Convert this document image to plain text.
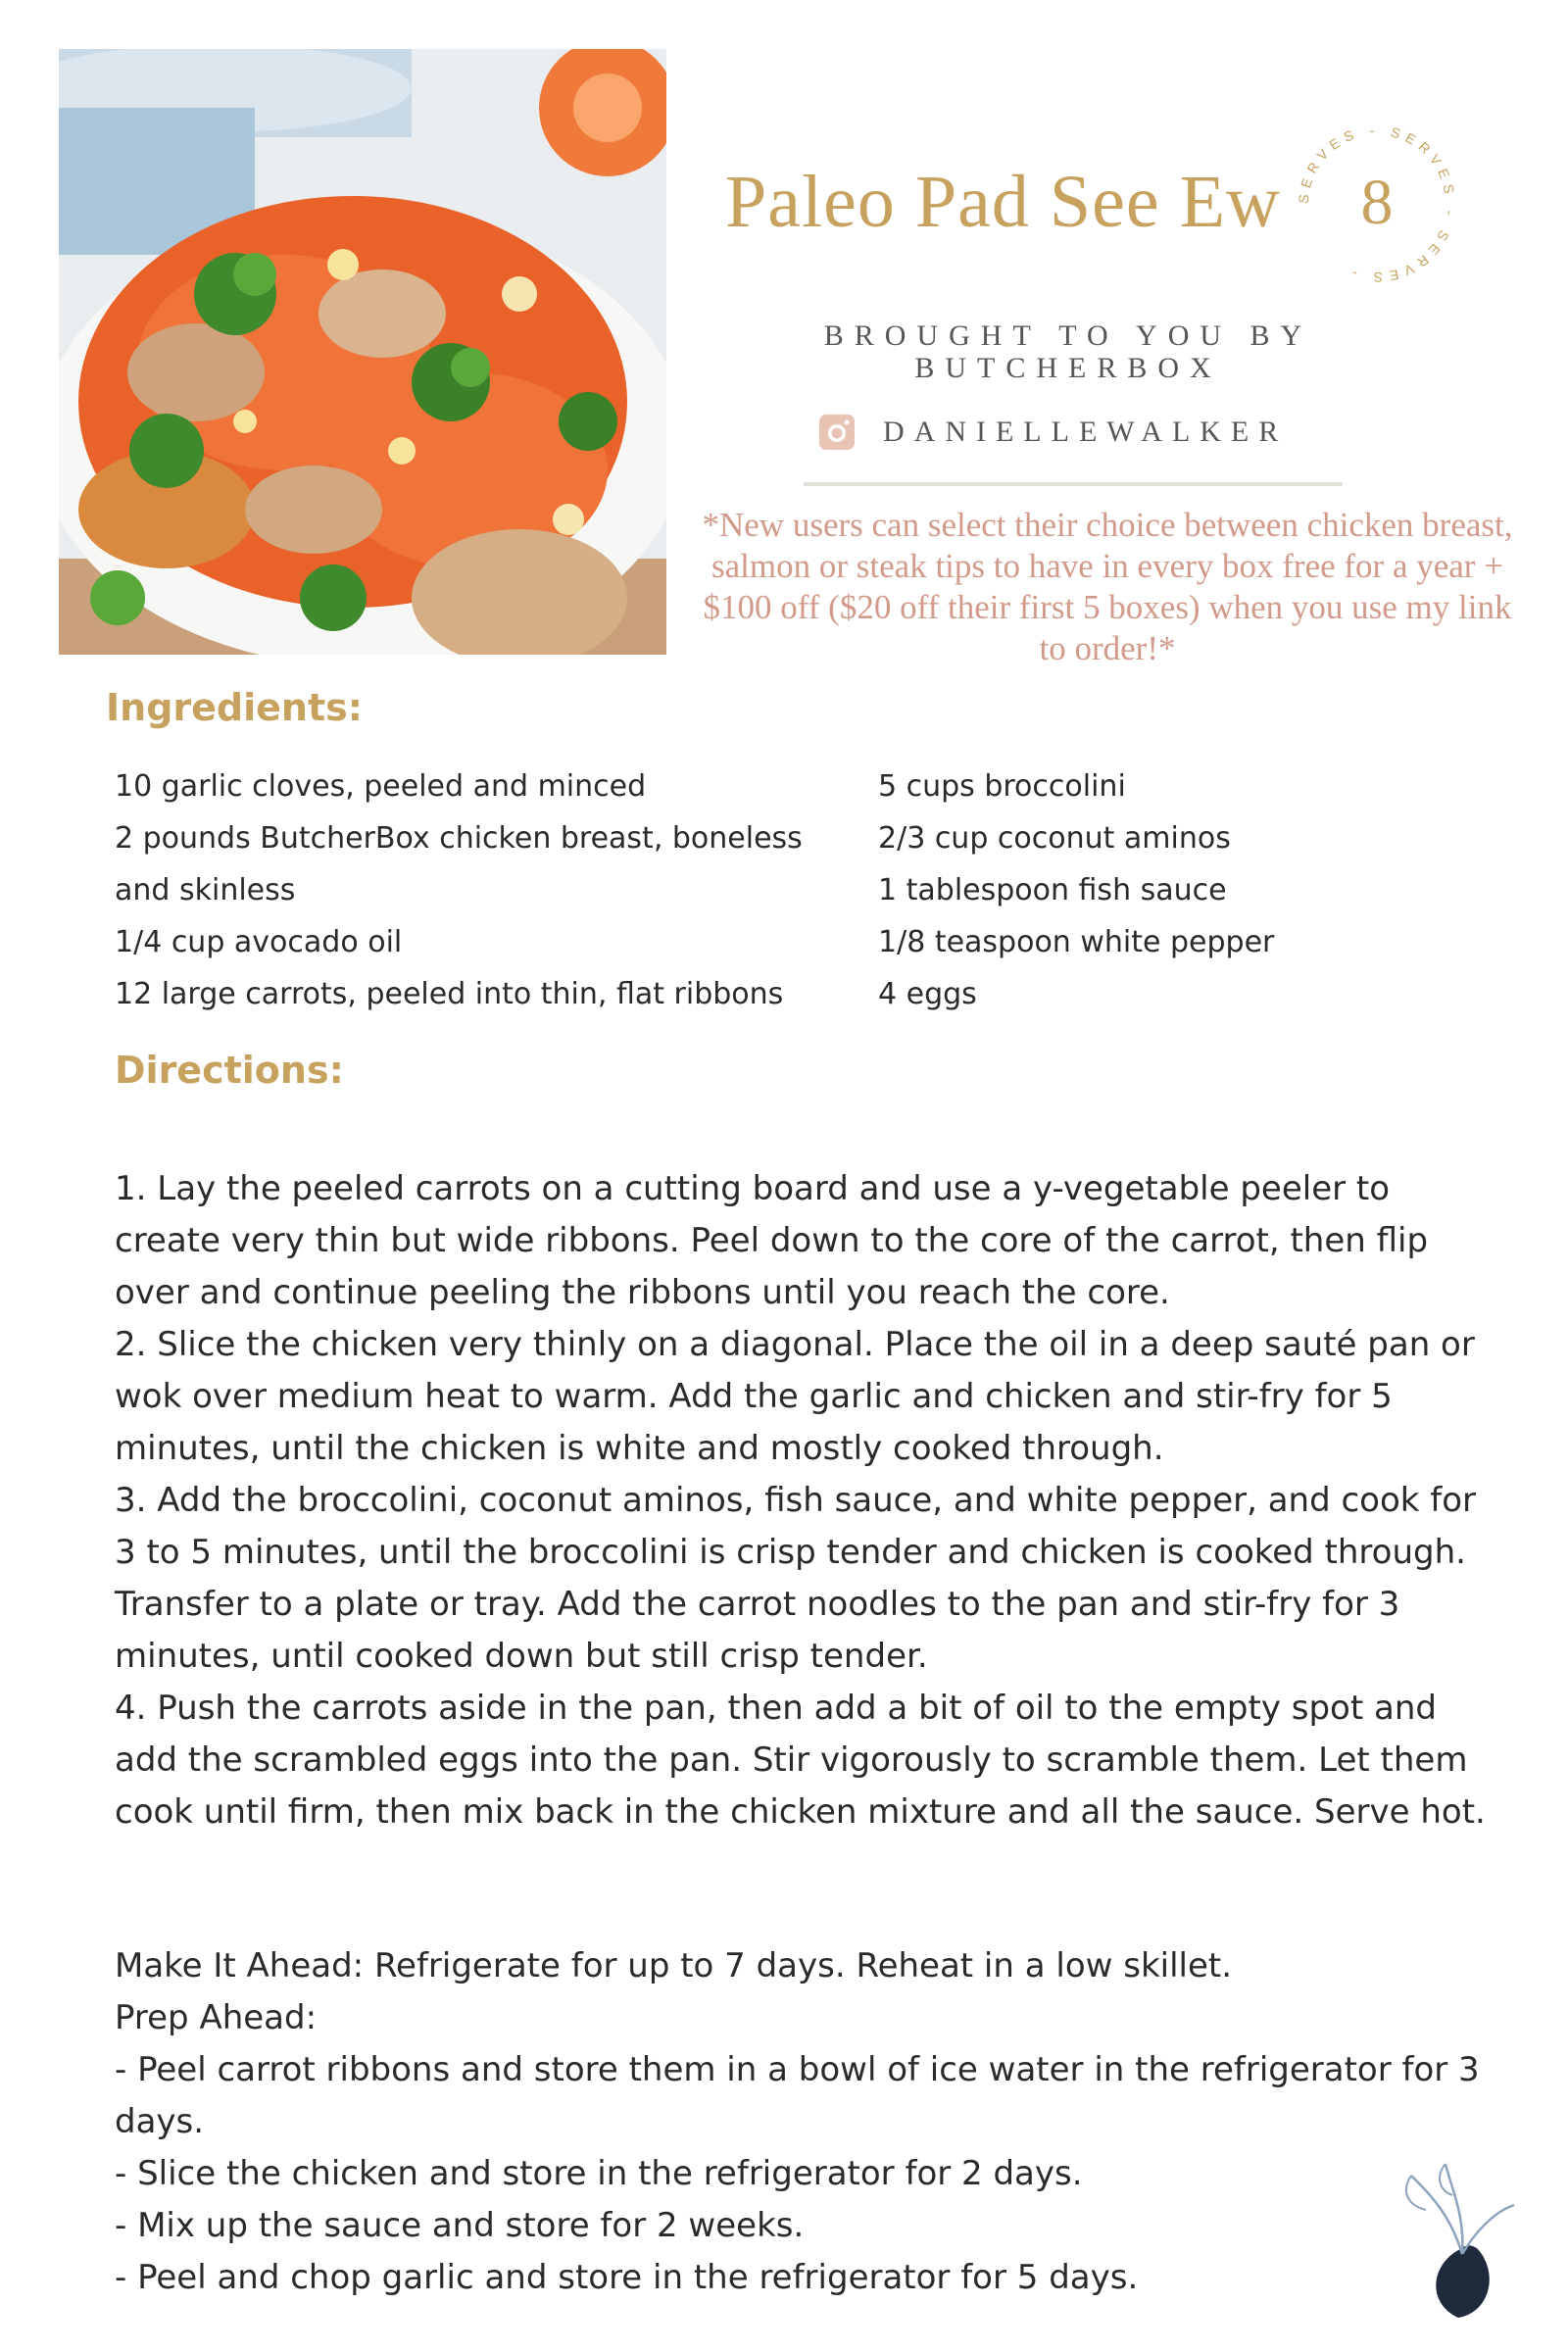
Paleo Pad See Ew SERVES - SERVES - SERVES -
8
BROUGHT TO YOU BY
BUTCHERBOX
DANIELLEWALKER
*New users can select their choice between chicken breast, salmon or steak tips to have in every box free for a year + $100 off ($20 off their first 5 boxes) when you use my link to order!*
Ingredients:
10 garlic cloves, peeled and minced
2 pounds ButcherBox chicken breast, boneless
and skinless
1/4 cup avocado oil
12 large carrots, peeled into thin, flat ribbons
5 cups broccolini
2/3 cup coconut aminos
1 tablespoon fish sauce
1/8 teaspoon white pepper
4 eggs
Directions:

1. Lay the peeled carrots on a cutting board and use a y-vegetable peeler to create very thin but wide ribbons. Peel down to the core of the carrot, then flip over and continue peeling the ribbons until you reach the core.

2. Slice the chicken very thinly on a diagonal. Place the oil in a deep sauté pan or wok over medium heat to warm. Add the garlic and chicken and stir-fry for 5 minutes, until the chicken is white and mostly cooked through.

3. Add the broccolini, coconut aminos, fish sauce, and white pepper, and cook for 3 to 5 minutes, until the broccolini is crisp tender and chicken is cooked through. Transfer to a plate or tray. Add the carrot noodles to the pan and stir-fry for 3 minutes, until cooked down but still crisp tender.

4. Push the carrots aside in the pan, then add a bit of oil to the empty spot and add the scrambled eggs into the pan. Stir vigorously to scramble them. Let them cook until firm, then mix back in the chicken mixture and all the sauce. Serve hot.

Make It Ahead: Refrigerate for up to 7 days. Reheat in a low skillet.

Prep Ahead:

- Peel carrot ribbons and store them in a bowl of ice water in the refrigerator for 3 days.

- Slice the chicken and store in the refrigerator for 2 days.

- Mix up the sauce and store for 2 weeks.

- Peel and chop garlic and store in the refrigerator for 5 days.
